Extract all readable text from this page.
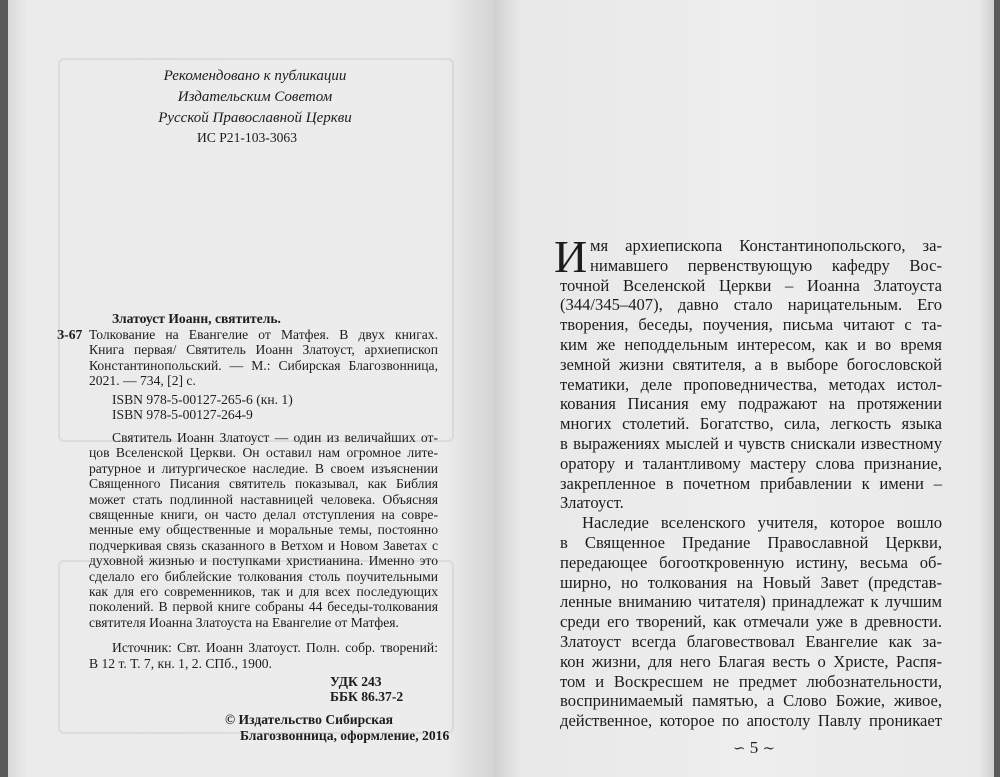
Рекомендовано к публикации
Издательским Советом
Русской Православной Церкви
ИС Р21-103-3063
Златоуст Иоанн, святитель.
З-67 Толкование на Евангелие от Матфея. В двух книгах.
Книга первая/ Святитель Иоанн Златоуст, архиепископ
Константинопольский. — М.: Сибирская Благозвонница,
2021. — 734, [2] с.
ISBN 978-5-00127-265-6 (кн. 1)
ISBN 978-5-00127-264-9
Святитель Иоанн Златоуст — один из величайших от-
цов Вселенской Церкви. Он оставил нам огромное лите-
ратурное и литургическое наследие. В своем изъяснении
Священного Писания святитель показывал, как Библия
может стать подлинной наставницей человека. Объясняя
священные книги, он часто делал отступления на совре-
менные ему общественные и моральные темы, постоянно
подчеркивая связь сказанного в Ветхом и Новом Заветах с
духовной жизнью и поступками христианина. Именно это
сделало его библейские толкования столь поучительными
как для его современников, так и для всех последующих
поколений. В первой книге собраны 44 беседы-толкования
святителя Иоанна Златоуста на Евангелие от Матфея.
Источник: Свт. Иоанн Златоуст. Полн. собр. творений:
В 12 т. Т. 7, кн. 1, 2. СПб., 1900.
УДК 243
ББК 86.37-2
© Издательство Сибирская
Благозвонница, оформление, 2016
мя архиепископа Константинопольского, за-
нимавшего первенствующую кафедру Вос-
точной Вселенской Церкви – Иоанна Златоуста
(344/345–407), давно стало нарицательным. Его
творения, беседы, поучения, письма читают с та-
ким же неподдельным интересом, как и во время
земной жизни святителя, а в выборе богословской
тематики, деле проповедничества, методах истол-
кования Писания ему подражают на протяжении
многих столетий. Богатство, сила, легкость языка
в выражениях мыслей и чувств снискали известному
оратору и талантливому мастеру слова признание,
закрепленное в почетном прибавлении к имени –
Златоуст.
Наследие вселенского учителя, которое вошло
в Священное Предание Православной Церкви,
передающее богооткровенную истину, весьма об-
ширно, но толкования на Новый Завет (представ-
ленные вниманию читателя) принадлежат к лучшим
среди его творений, как отмечали уже в древности.
Златоуст всегда благовествовал Евангелие как за-
кон жизни, для него Благая весть о Христе, Распя-
том и Воскресшем не предмет любознательности,
воспринимаемый памятью, а Слово Божие, живое,
действенное, которое по апостолу Павлу проникает
И
∽ 5 ∼
